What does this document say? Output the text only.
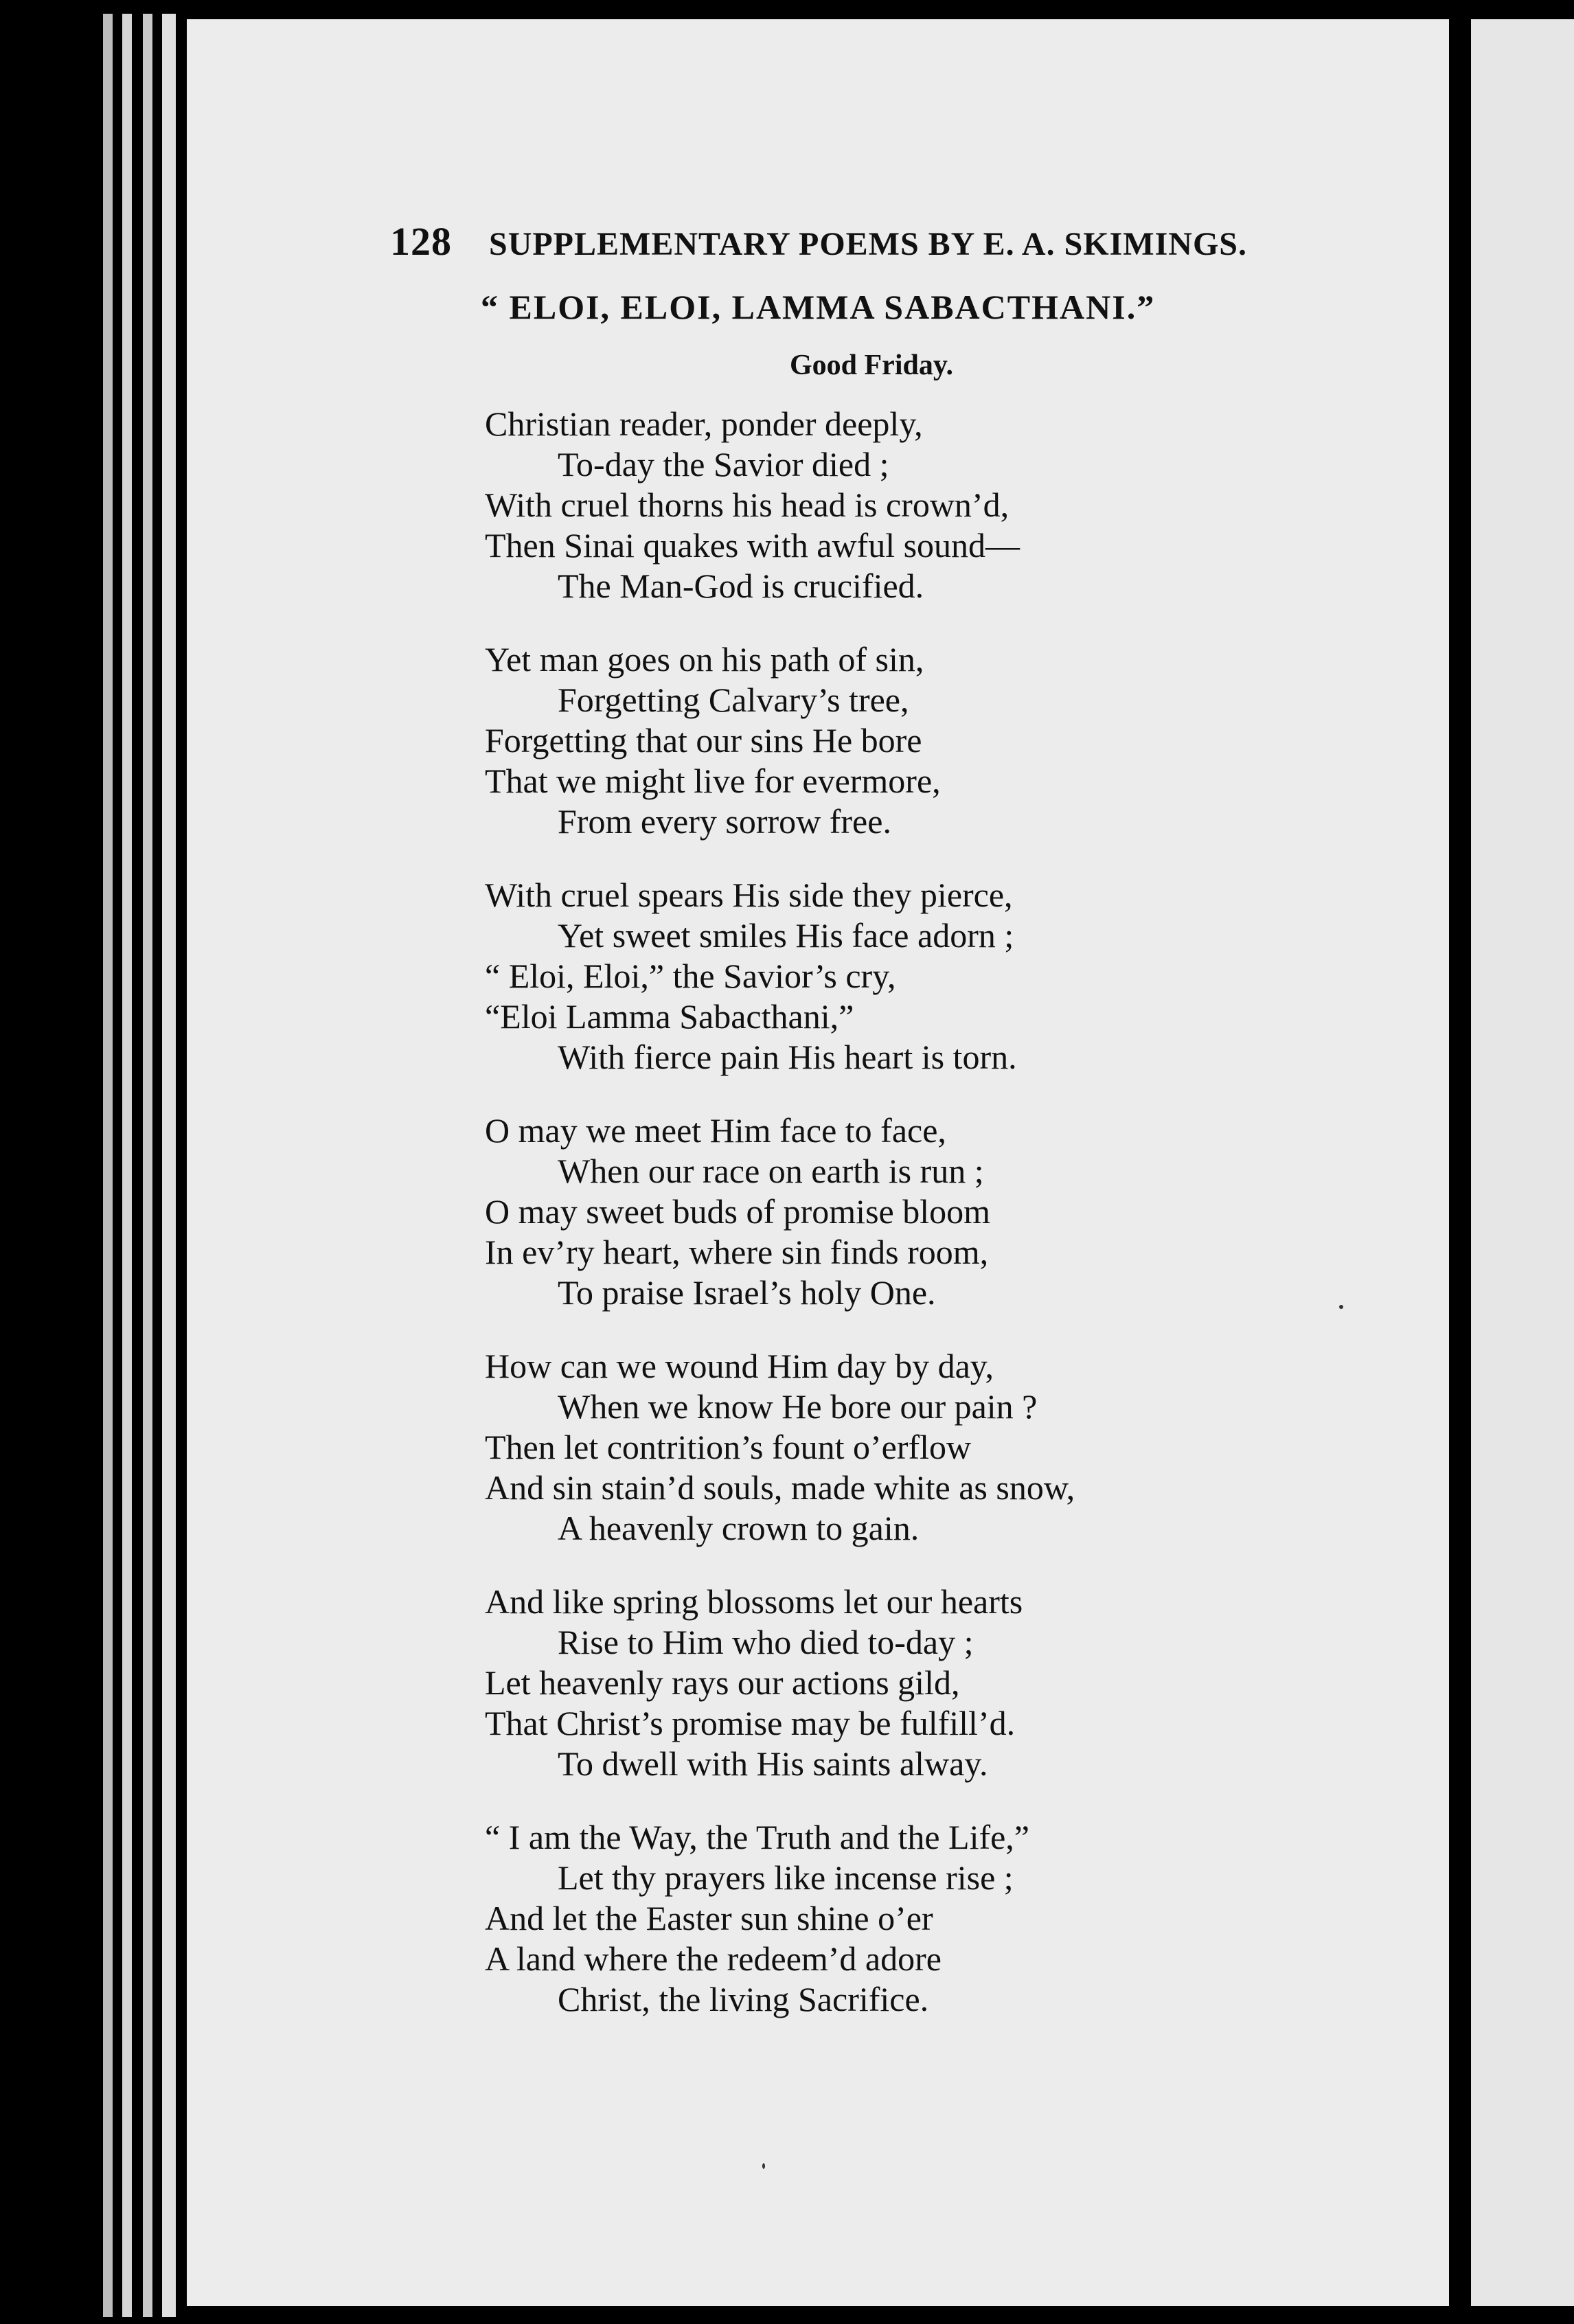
128 SUPPLEMENTARY POEMS BY E. A. SKIMINGS.
“ ELOI, ELOI, LAMMA SABACTHANI.”
Good Friday.
Christian reader, ponder deeply,
To-day the Savior died ;
With cruel thorns his head is crown’d,
Then Sinai quakes with awful sound—
The Man-God is crucified.
Yet man goes on his path of sin,
Forgetting Calvary’s tree,
Forgetting that our sins He bore
That we might live for evermore,
From every sorrow free.
With cruel spears His side they pierce,
Yet sweet smiles His face adorn ;
“ Eloi, Eloi,” the Savior’s cry,
“Eloi Lamma Sabacthani,”
With fierce pain His heart is torn.
O may we meet Him face to face,
When our race on earth is run ;
O may sweet buds of promise bloom
In ev’ry heart, where sin finds room,
To praise Israel’s holy One.
How can we wound Him day by day,
When we know He bore our pain ?
Then let contrition’s fount o’erflow
And sin stain’d souls, made white as snow,
A heavenly crown to gain.
And like spring blossoms let our hearts
Rise to Him who died to-day ;
Let heavenly rays our actions gild,
That Christ’s promise may be fulfill’d.
To dwell with His saints alway.
“ I am the Way, the Truth and the Life,”
Let thy prayers like incense rise ;
And let the Easter sun shine o’er
A land where the redeem’d adore
Christ, the living Sacrifice.
